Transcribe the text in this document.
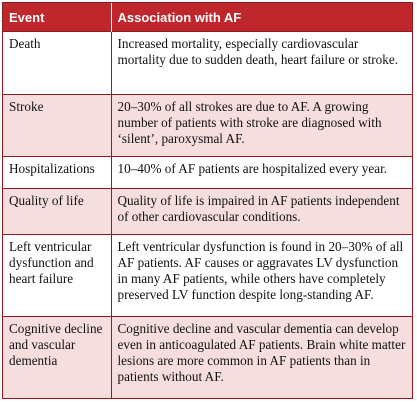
Event	Association with AF
Death	Increased mortality, especially cardiovascular mortality due to sudden death, heart failure or stroke.
Stroke	20–30% of all strokes are due to AF. A growing number of patients with stroke are diagnosed with ‘silent’, paroxysmal AF.
Hospitalizations	10–40% of AF patients are hospitalized every year.
Quality of life	Quality of life is impaired in AF patients independent of other cardiovascular conditions.
Left ventricular dysfunction and heart failure	Left ventricular dysfunction is found in 20–30% of all AF patients. AF causes or aggravates LV dysfunction in many AF patients, while others have completely preserved LV function despite long-standing AF.
Cognitive decline and vascular dementia	Cognitive decline and vascular dementia can develop even in anticoagulated AF patients. Brain white matter lesions are more common in AF patients than in patients without AF.
